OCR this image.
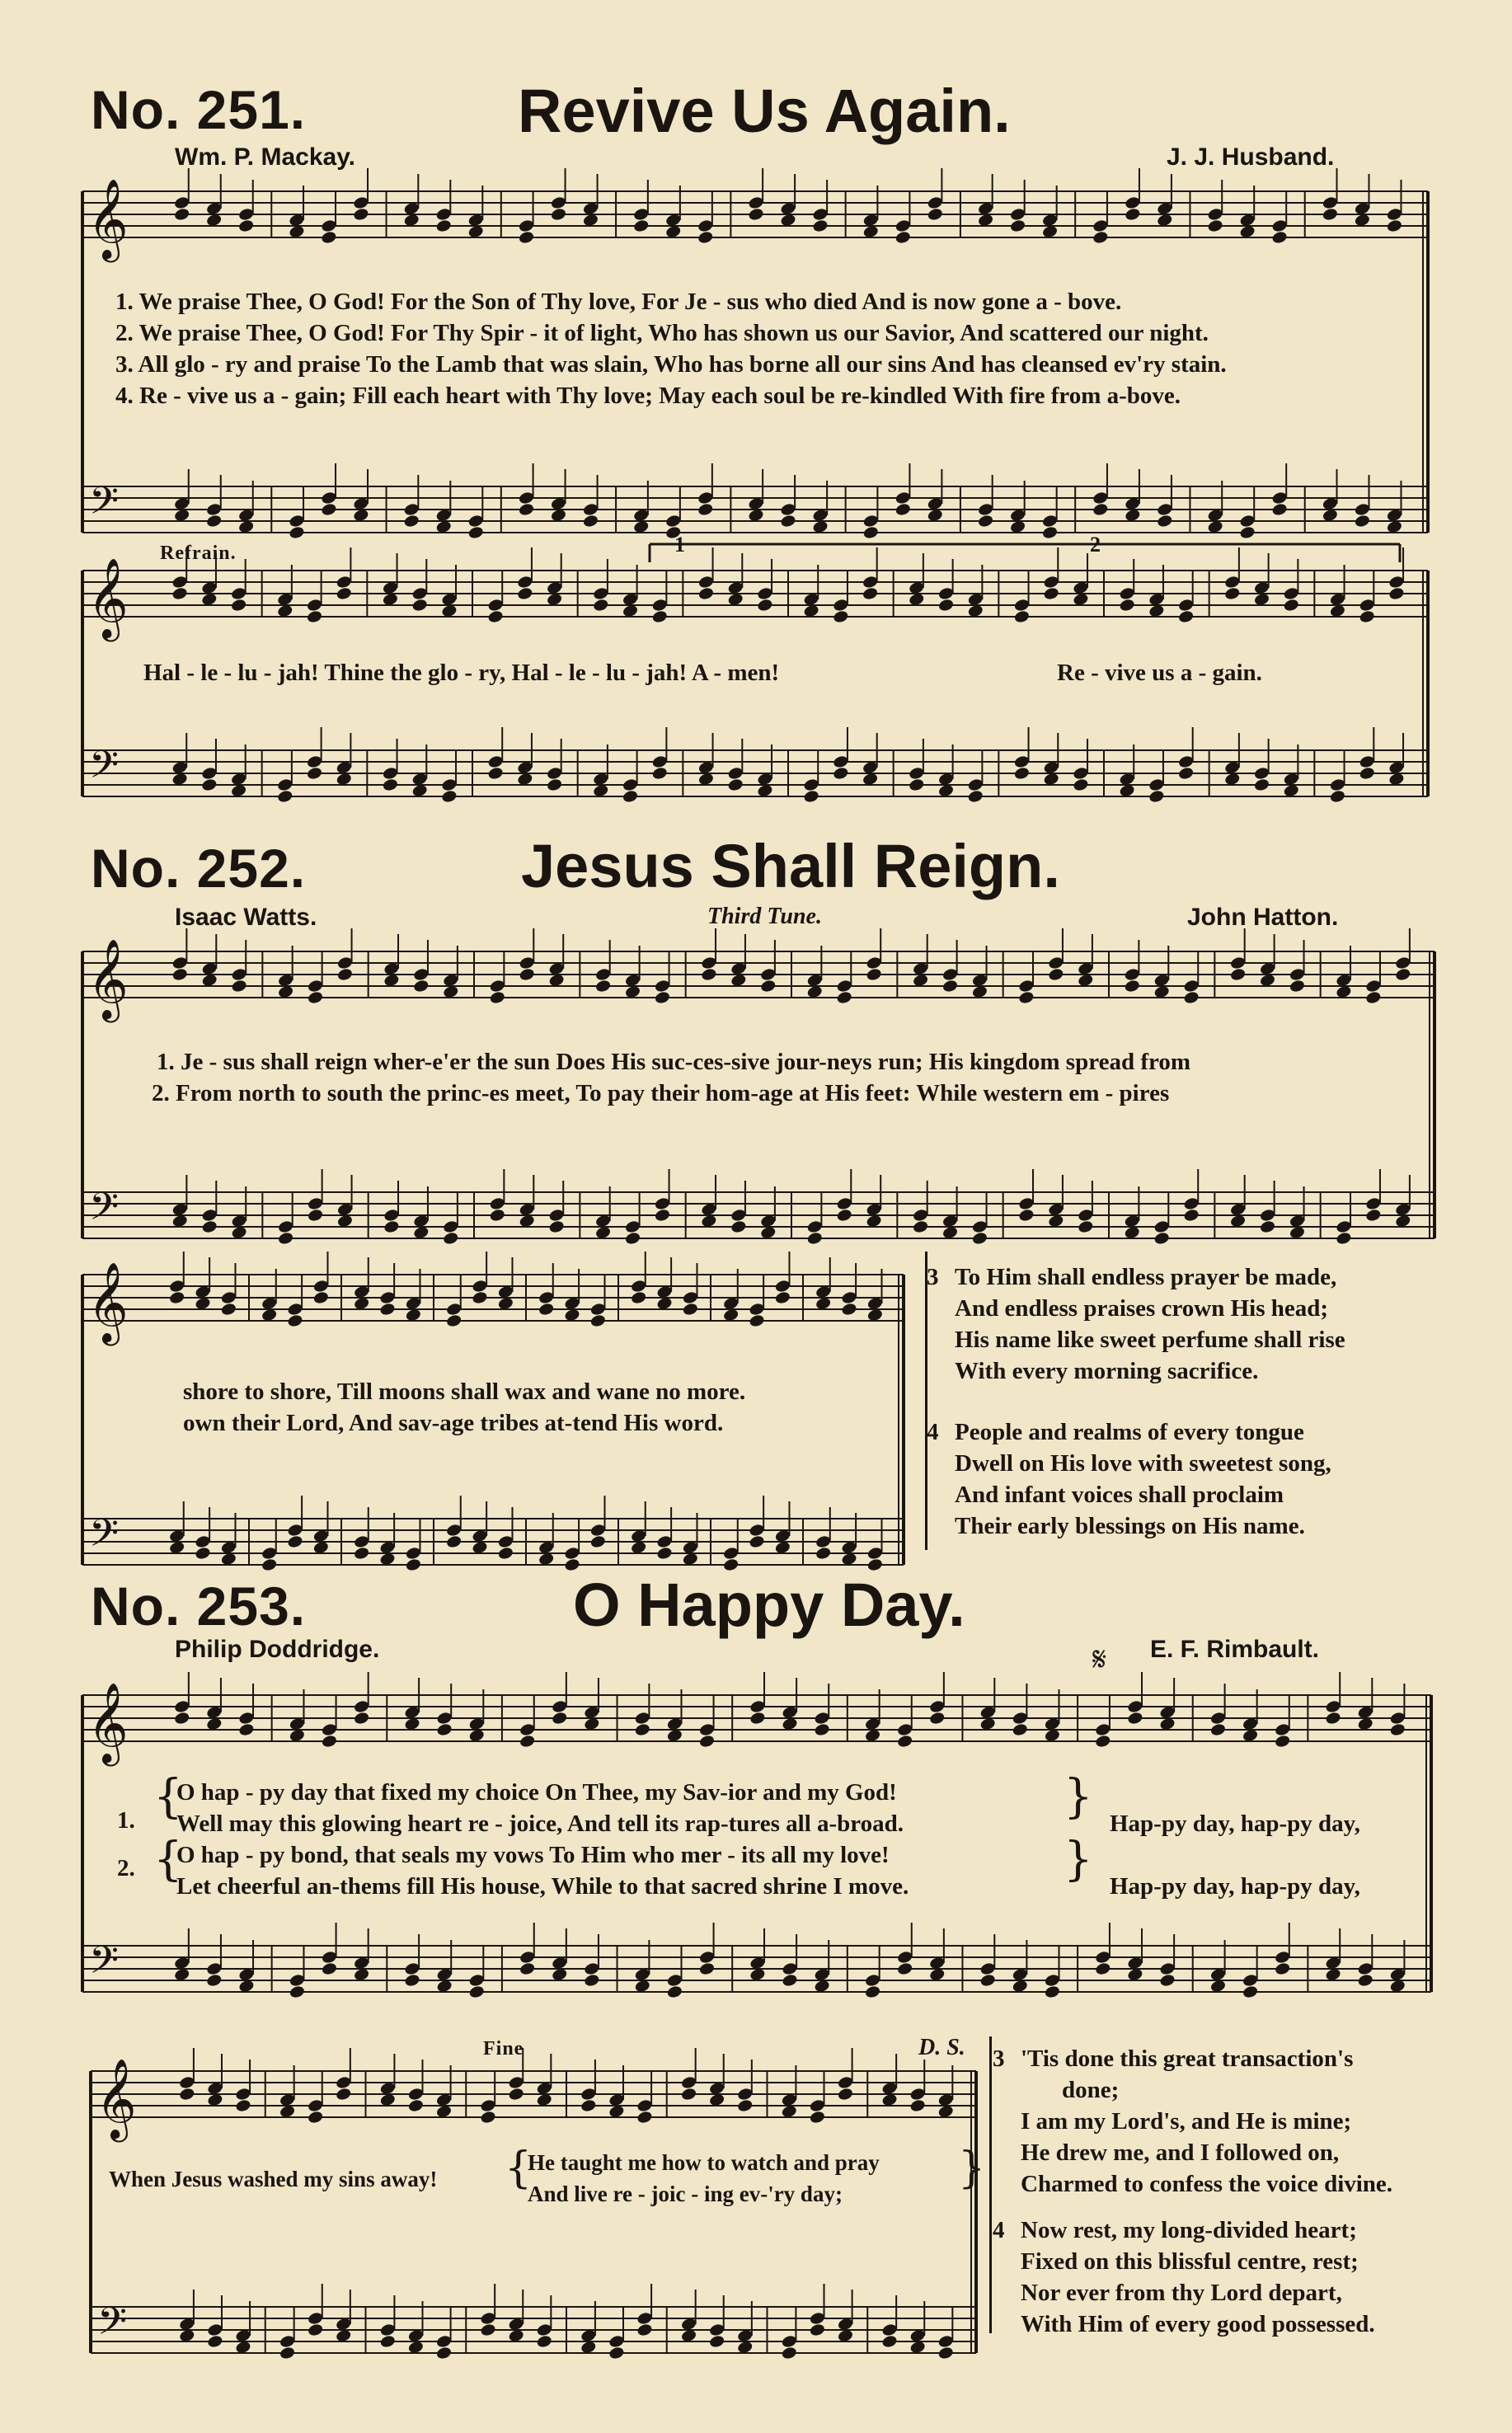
No. 251.	Revive Us Again.
Wm. P. Mackay.	J. J. Husband.
𝄞
𝄢
1. We praise Thee, O God! For the Son of Thy love, For Je - sus who died And is now gone a - bove.
2. We praise Thee, O God! For Thy Spir - it of light, Who has shown us our Savior, And scattered our night.
3. All glo - ry and praise To the Lamb that was slain, Who has borne all our sins And has cleansed ev'ry stain.
4. Re - vive us a - gain; Fill each heart with Thy love; May each soul be re-kindled With fire from a-bove.
Refrain.	1	2
𝄞
𝄢
Hal - le - lu - jah! Thine the glo - ry, Hal - le - lu - jah! A - men!	Re - vive us a - gain.
No. 252.	Jesus Shall Reign.
Isaac Watts.	Third Tune.	John Hatton.
𝄞
𝄢
1. Je - sus shall reign wher-e'er the sun Does His suc-ces-sive jour-neys run; His kingdom spread from
2. From north to south the princ-es meet, To pay their hom-age at His feet: While western em - pires
𝄞
𝄢
shore to shore, Till moons shall wax and wane no more.
own their Lord, And sav-age tribes at-tend His word.
3 To Him shall endless prayer be made,
And endless praises crown His head;
His name like sweet perfume shall rise
With every morning sacrifice.
4 People and realms of every tongue
Dwell on His love with sweetest song,
And infant voices shall proclaim
Their early blessings on His name.
No. 253.	O Happy Day.
Philip Doddridge.	E. F. Rimbault.
𝄋
𝄞
𝄢
1.
2.
{
{
O hap - py day that fixed my choice On Thee, my Sav-ior and my God!
Well may this glowing heart re - joice, And tell its rap-tures all a-broad.
O hap - py bond, that seals my vows To Him who mer - its all my love!
Let cheerful an-thems fill His house, While to that sacred shrine I move.
}
}
Hap-py day, hap-py day,
Hap-py day, hap-py day,
Fine	D. S.
𝄞
𝄢
When Jesus washed my sins away! {
He taught me how to watch and pray
And live re - joic - ing ev-'ry day;
}
3 'Tis done this great transaction's
done;
I am my Lord's, and He is mine;
He drew me, and I followed on,
Charmed to confess the voice divine.
4 Now rest, my long-divided heart;
Fixed on this blissful centre, rest;
Nor ever from thy Lord depart,
With Him of every good possessed.
